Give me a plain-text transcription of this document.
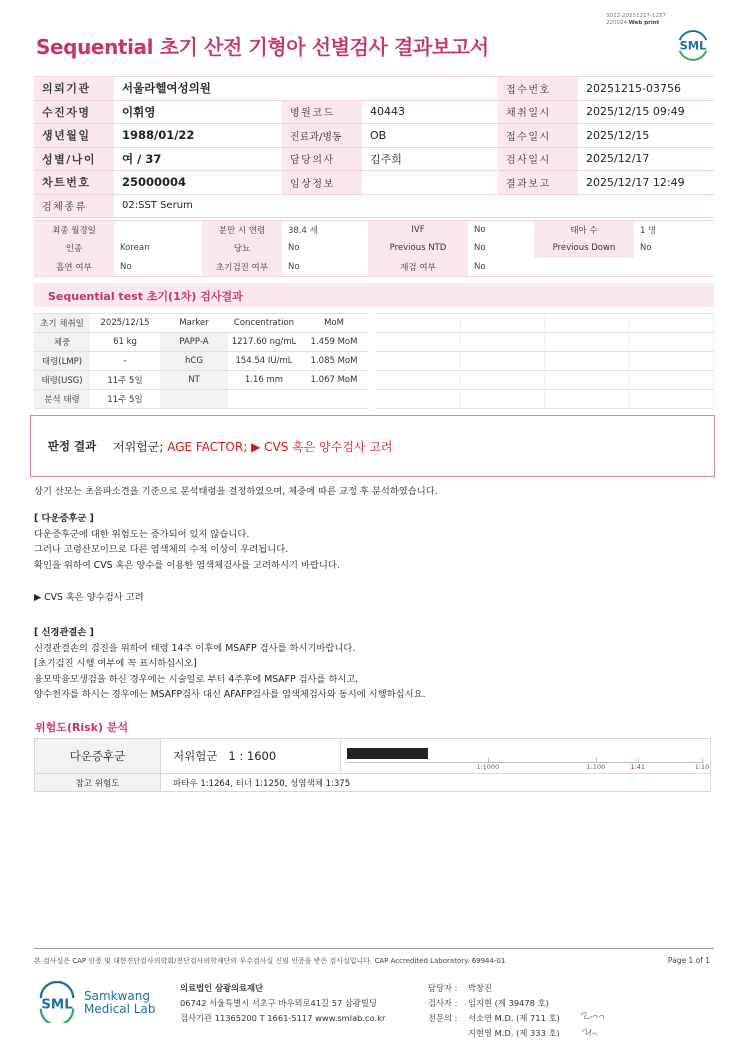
3022-20251217-1257
220024 Web print
Sequential 초기 산전 기형아 선별검사 결과보고서	SML
의뢰기관	서울라헬여성의원			접수번호	20251215-03756
수진자명	이휘영	병원코드	40443	채취일시	2025/12/15 09:49
생년월일	1988/01/22	진료과/병동	OB	접수일시	2025/12/15
성별/나이	여 / 37	담당의사	김주희	검사일시	2025/12/17
차트번호	25000004	임상정보		결과보고	2025/12/17 12:49
검체종류	02:SST Serum				
최종 월경일		분만 시 연령	38.4 세	IVF	No	태아 수	1 명
인종	Korean	당뇨	No	Previous NTD	No	Previous Down	No
흡연 여부	No	초기검진 여부	No	재검 여부	No		
Sequential test 초기(1차) 검사결과
초기 채취일	2025/12/15	Marker	Concentration	MoM
체중	61 kg	PAPP-A	1217.60 ng/mL	1.459 MoM
태령(LMP)	-	hCG	154.54 IU/mL	1.085 MoM
태령(USG)	11주 5일	NT	1.16 mm	1.067 MoM
분석 태령	11주 5일			
판정 결과	저위험군; AGE FACTOR; ▶ CVS 혹은 양수검사 고려
상기 산모는 초음파소견을 기준으로 분석태령을 결정하였으며, 체중에 따른 교정 후 분석하였습니다.
[ 다운증후군 ]
다운증후군에 대한 위험도는 증가되어 있지 않습니다.
그러나 고령산모이므로 다른 염색체의 수적 이상이 우려됩니다.
확인을 위하여 CVS 혹은 양수를 이용한 염색체검사를 고려하시기 바랍니다.
▶ CVS 혹은 양수검사 고려
[ 신경관결손 ]
신경관결손의 검진을 위하여 태령 14주 이후에 MSAFP 검사를 하시기바랍니다.
[초기검진 시행 여부에 꼭 표시하십시오]
융모막융모생검을 하신 경우에는 시술일로 부터 4주후에 MSAFP 검사를 하시고,
양수천자를 하시는 경우에는 MSAFP검사 대신 AFAFP검사를 염색체검사와 동시에 시행하십시요.
위험도(Risk) 분석
다운증후군	저위험군 1 : 1600	1:1000 1:100 1:41 1:10

참고 위험도	파타우 1:1264, 터너 1:1250, 성염색체 1:375	
본 검사실은 CAP 인증 및 대한진단검사의학회/진단검사의학재단의 우수검사실 신임 인증을 받은 검사실입니다. CAP Accredited Laboratory. 69944-01	Page 1 of 1
SML
Samkwang
Medical Lab
의료법인 삼광의료재단
06742 서울특별시 서초구 바우뫼로41길 57 삼광빌딩
검사기관 11365200 T 1661-5117 www.smlab.co.kr
담당자 : 박창진
검사자 : 임지현 (제 39478 호)
전문의 : 서소연 M.D. (제 711 호)
지현영 M.D. (제 333 호)
